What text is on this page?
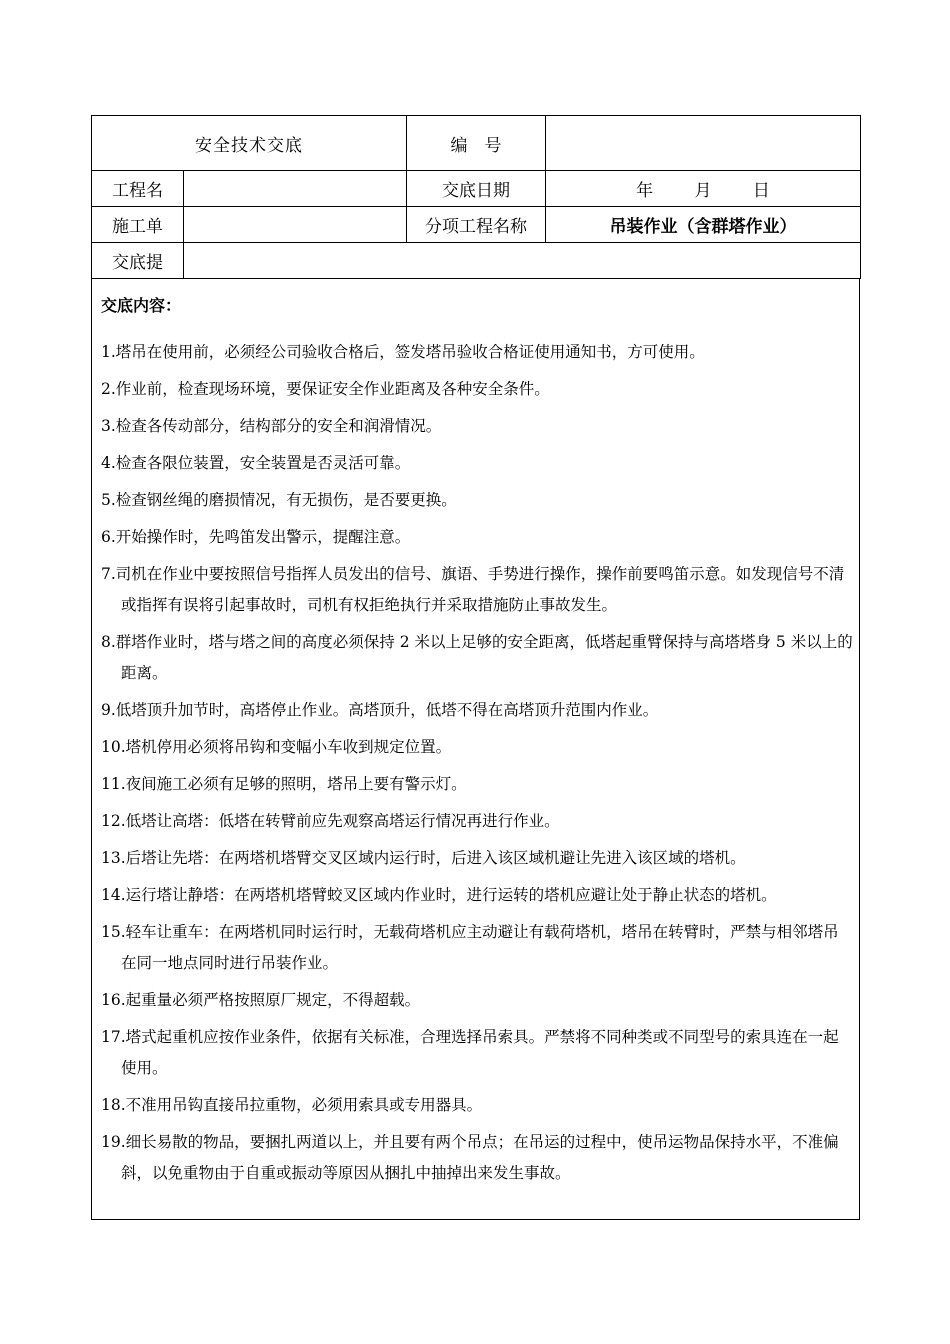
安全技术交底		编　号	
工程名		交底日期	年 月 日
施工单		分项工程名称	吊装作业（含群塔作业）
交底提			
交底内容：
1.塔吊在使用前，必须经公司验收合格后，签发塔吊验收合格证使用通知书，方可使用。
2.作业前，检查现场环境，要保证安全作业距离及各种安全条件。
3.检查各传动部分，结构部分的安全和润滑情况。
4.检查各限位装置，安全装置是否灵活可靠。
5.检查钢丝绳的磨损情况，有无损伤，是否要更换。
6.开始操作时，先鸣笛发出警示，提醒注意。
7.司机在作业中要按照信号指挥人员发出的信号、旗语、手势进行操作，操作前要鸣笛示意。如发现信号不清或指挥有误将引起事故时，司机有权拒绝执行并采取措施防止事故发生。
8.群塔作业时，塔与塔之间的高度必须保持 2 米以上足够的安全距离，低塔起重臂保持与高塔塔身 5 米以上的距离。
9.低塔顶升加节时，高塔停止作业。高塔顶升，低塔不得在高塔顶升范围内作业。
10.塔机停用必须将吊钩和变幅小车收到规定位置。
11.夜间施工必须有足够的照明，塔吊上要有警示灯。
12.低塔让高塔：低塔在转臂前应先观察高塔运行情况再进行作业。
13.后塔让先塔：在两塔机塔臂交叉区域内运行时，后进入该区域机避让先进入该区域的塔机。
14.运行塔让静塔：在两塔机塔臂蛟叉区域内作业时，进行运转的塔机应避让处于静止状态的塔机。
15.轻车让重车：在两塔机同时运行时，无载荷塔机应主动避让有载荷塔机，塔吊在转臂时，严禁与相邻塔吊在同一地点同时进行吊装作业。
16.起重量必须严格按照原厂规定，不得超载。
17.塔式起重机应按作业条件，依据有关标准，合理选择吊索具。严禁将不同种类或不同型号的索具连在一起使用。
18.不准用吊钩直接吊拉重物，必须用索具或专用器具。
19.细长易散的物品，要捆扎两道以上，并且要有两个吊点；在吊运的过程中，使吊运物品保持水平，不准偏斜，以免重物由于自重或振动等原因从捆扎中抽掉出来发生事故。
